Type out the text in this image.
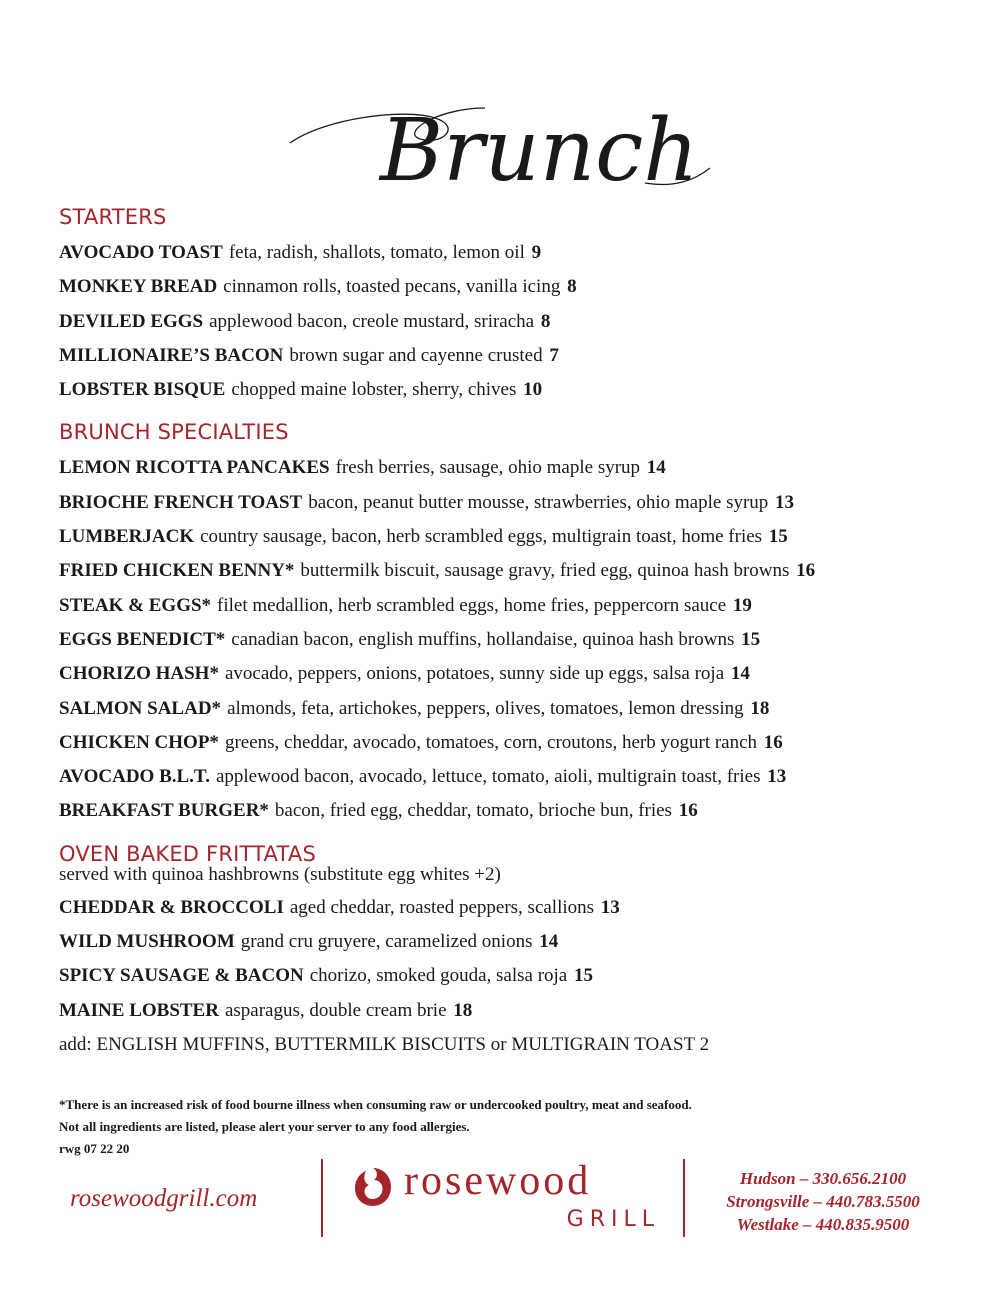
Brunch
STARTERS
AVOCADO TOAST feta, radish, shallots, tomato, lemon oil 9
MONKEY BREAD cinnamon rolls, toasted pecans, vanilla icing 8
DEVILED EGGS applewood bacon, creole mustard, sriracha 8
MILLIONAIRE’S BACON brown sugar and cayenne crusted 7
LOBSTER BISQUE chopped maine lobster, sherry, chives 10
BRUNCH SPECIALTIES
LEMON RICOTTA PANCAKES fresh berries, sausage, ohio maple syrup 14
BRIOCHE FRENCH TOAST bacon, peanut butter mousse, strawberries, ohio maple syrup 13
LUMBERJACK country sausage, bacon, herb scrambled eggs, multigrain toast, home fries 15
FRIED CHICKEN BENNY* buttermilk biscuit, sausage gravy, fried egg, quinoa hash browns 16
STEAK & EGGS* filet medallion, herb scrambled eggs, home fries, peppercorn sauce 19
EGGS BENEDICT* canadian bacon, english muffins, hollandaise, quinoa hash browns 15
CHORIZO HASH* avocado, peppers, onions, potatoes, sunny side up eggs, salsa roja 14
SALMON SALAD* almonds, feta, artichokes, peppers, olives, tomatoes, lemon dressing 18
CHICKEN CHOP* greens, cheddar, avocado, tomatoes, corn, croutons, herb yogurt ranch 16
AVOCADO B.L.T. applewood bacon, avocado, lettuce, tomato, aioli, multigrain toast, fries 13
BREAKFAST BURGER* bacon, fried egg, cheddar, tomato, brioche bun, fries 16
OVEN BAKED FRITTATAS
served with quinoa hashbrowns (substitute egg whites +2)
CHEDDAR & BROCCOLI aged cheddar, roasted peppers, scallions 13
WILD MUSHROOM grand cru gruyere, caramelized onions 14
SPICY SAUSAGE & BACON chorizo, smoked gouda, salsa roja 15
MAINE LOBSTER asparagus, double cream brie 18
add: ENGLISH MUFFINS, BUTTERMILK BISCUITS or MULTIGRAIN TOAST 2
*There is an increased risk of food bourne illness when consuming raw or undercooked poultry, meat and seafood.
Not all ingredients are listed, please alert your server to any food allergies.
rwg 07 22 20
rosewoodgrill.com	rosewood
GRILL
Hudson – 330.656.2100
Strongsville – 440.783.5500
Westlake – 440.835.9500
